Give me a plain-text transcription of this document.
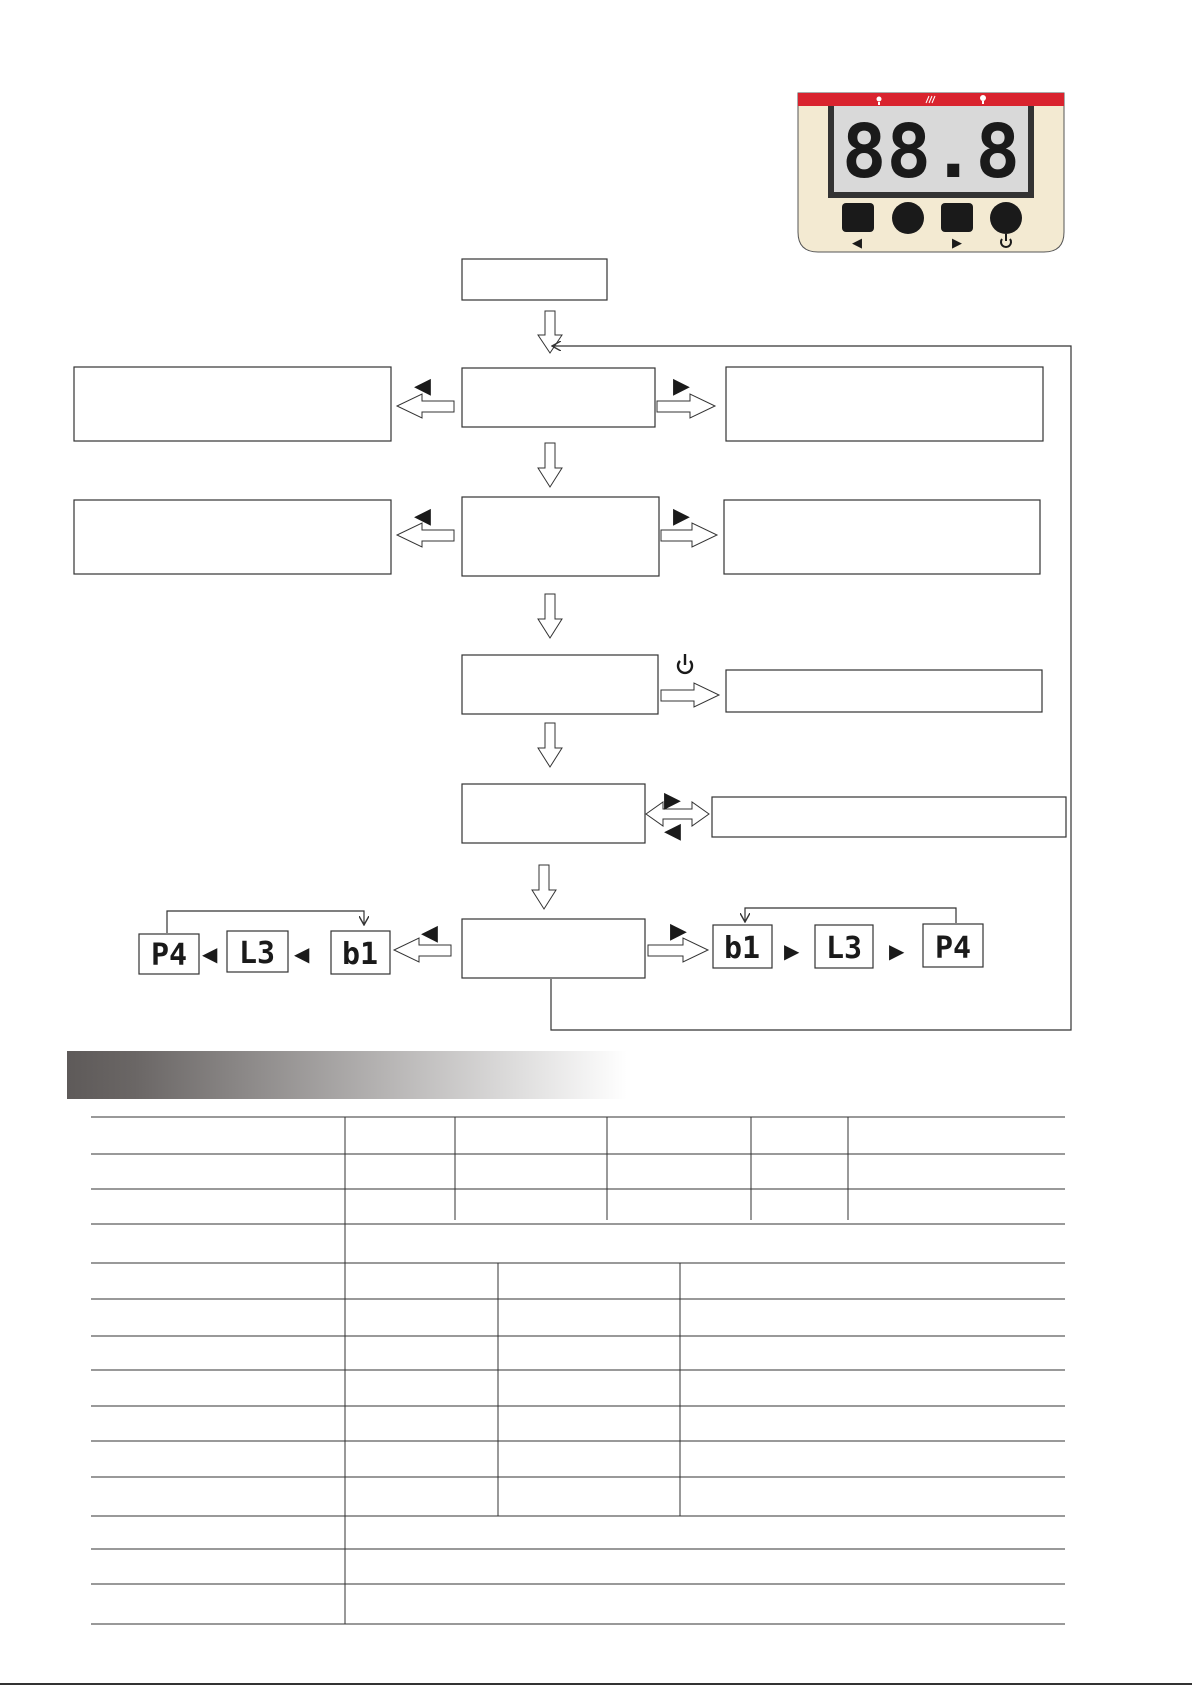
88.8
◀	▶
◀	▶
◀	▶
▶
◀
◀	▶
P4 L3 b1
◀	◀	b1 L3 P4
▶	▶
